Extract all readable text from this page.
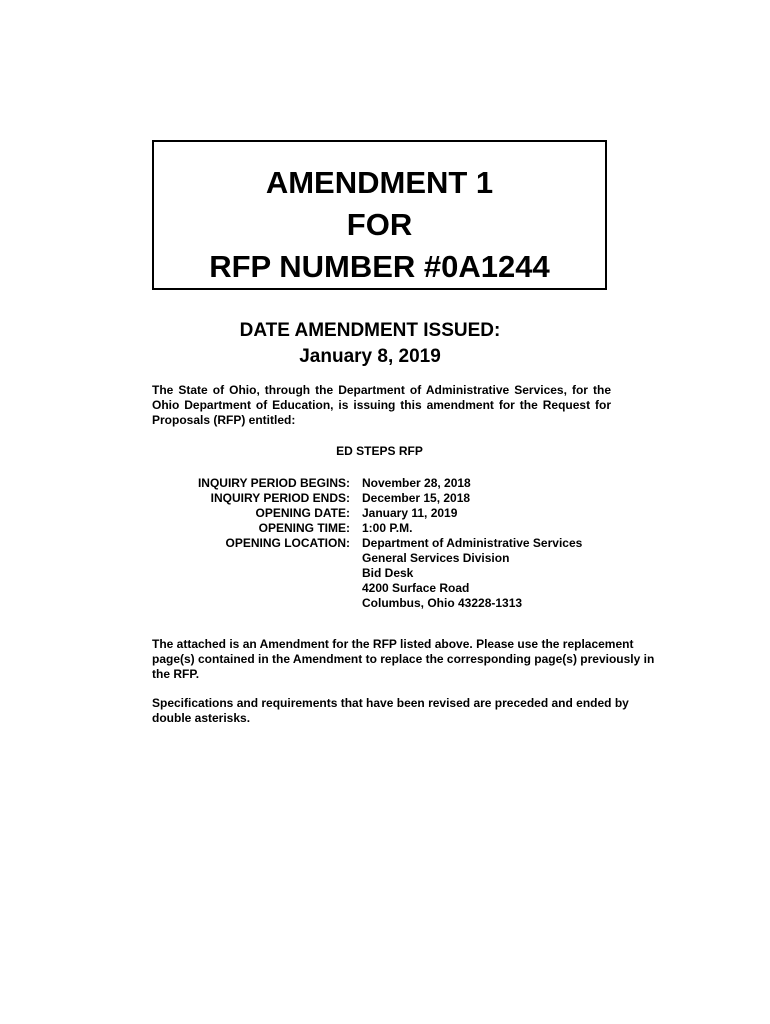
AMENDMENT 1
FOR
RFP NUMBER #0A1244
DATE AMENDMENT ISSUED:
January 8, 2019
The State of Ohio, through the Department of Administrative Services, for the Ohio Department of Education, is issuing this amendment for the Request for Proposals (RFP) entitled:
ED STEPS RFP
INQUIRY PERIOD BEGINS:	November 28, 2018
INQUIRY PERIOD ENDS:	December 15, 2018
OPENING DATE:	January 11, 2019
OPENING TIME:	1:00 P.M.
OPENING LOCATION:	Department of Administrative Services
General Services Division
Bid Desk
4200 Surface Road
Columbus, Ohio 43228-1313
The attached is an Amendment for the RFP listed above. Please use the replacement page(s) contained in the Amendment to replace the corresponding page(s) previously in the RFP.
Specifications and requirements that have been revised are preceded and ended by double asterisks.
